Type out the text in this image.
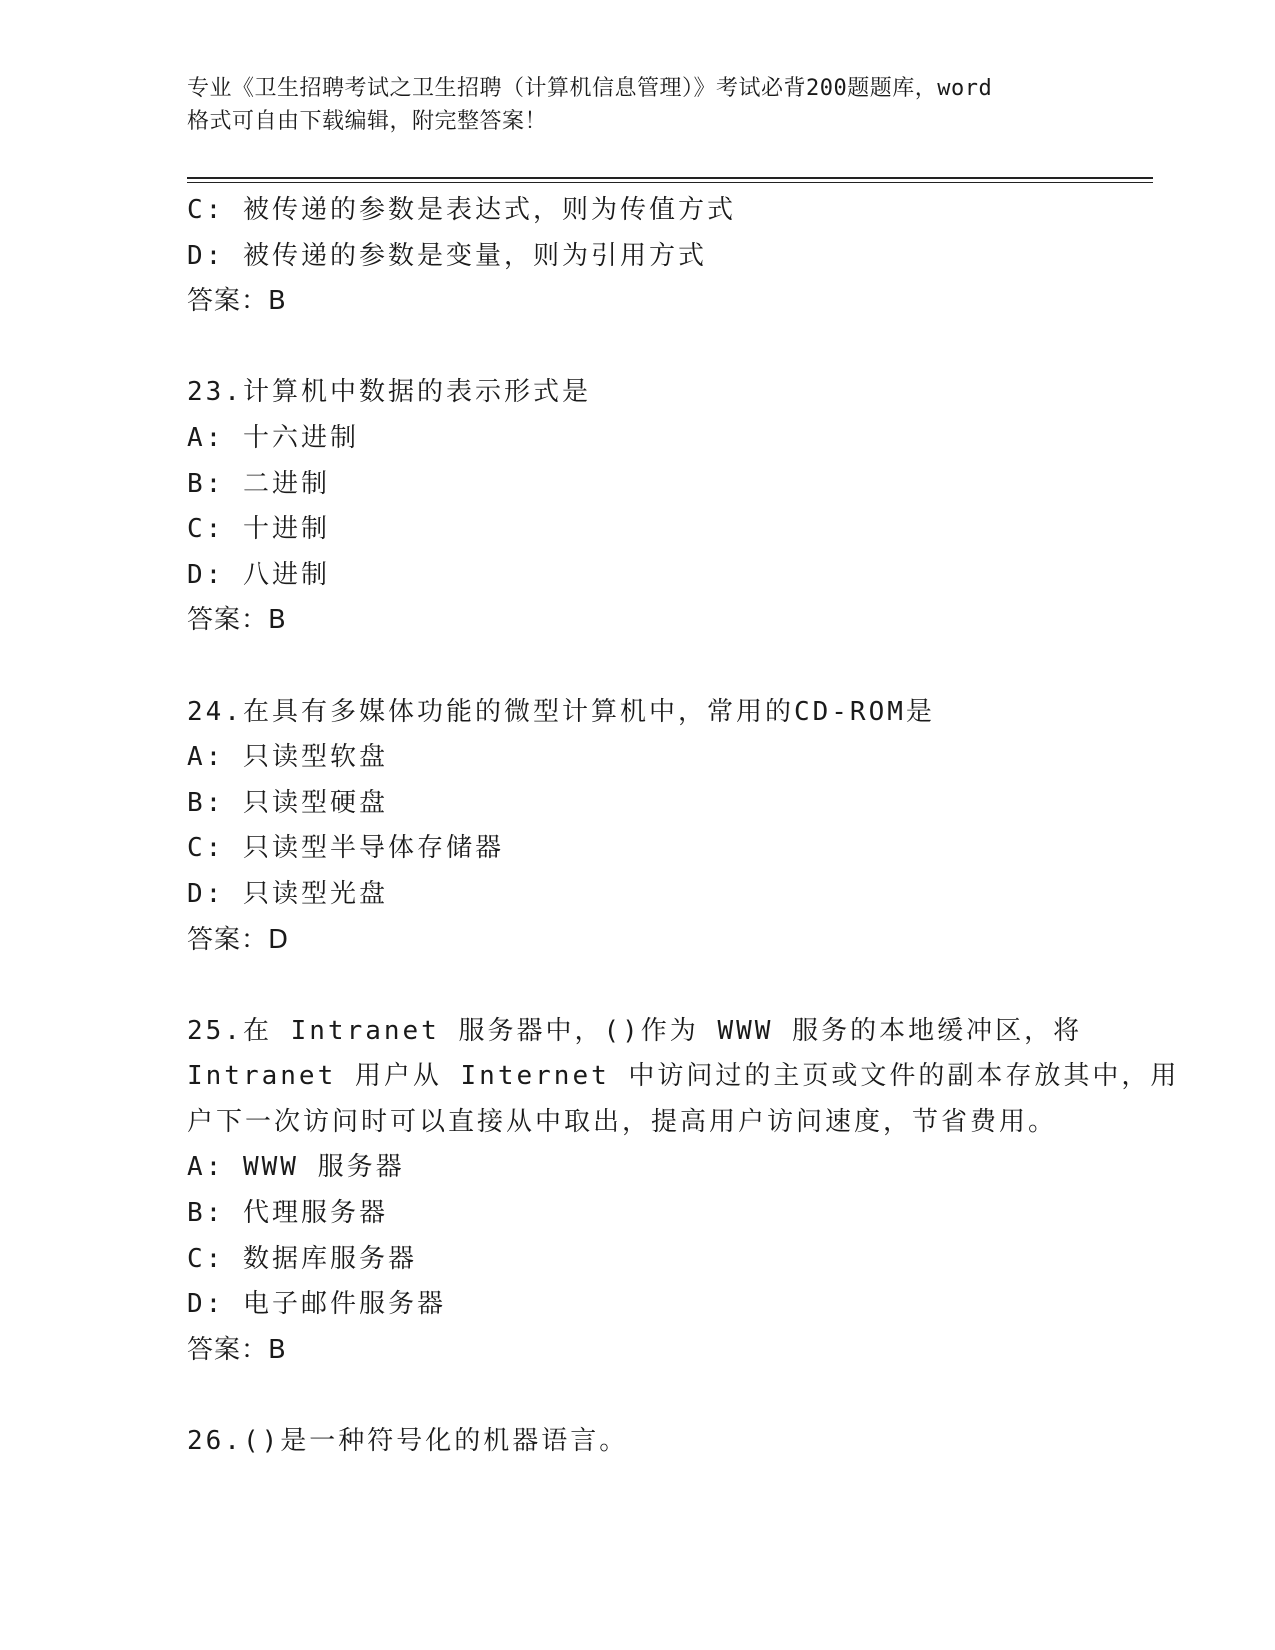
专业《卫生招聘考试之卫生招聘（计算机信息管理）》考试必背200题题库，word
格式可自由下载编辑，附完整答案！
C: 被传递的参数是表达式，则为传值方式
D: 被传递的参数是变量，则为引用方式
答案：B
23.计算机中数据的表示形式是
A: 十六进制
B: 二进制
C: 十进制
D: 八进制
答案：B
24.在具有多媒体功能的微型计算机中，常用的CD-ROM是
A: 只读型软盘
B: 只读型硬盘
C: 只读型半导体存储器
D: 只读型光盘
答案：D
25.在 Intranet 服务器中，()作为 WWW 服务的本地缓冲区，将
Intranet 用户从 Internet 中访问过的主页或文件的副本存放其中，用
户下一次访问时可以直接从中取出，提高用户访问速度，节省费用。
A: WWW 服务器
B: 代理服务器
C: 数据库服务器
D: 电子邮件服务器
答案：B
26.()是一种符号化的机器语言。
